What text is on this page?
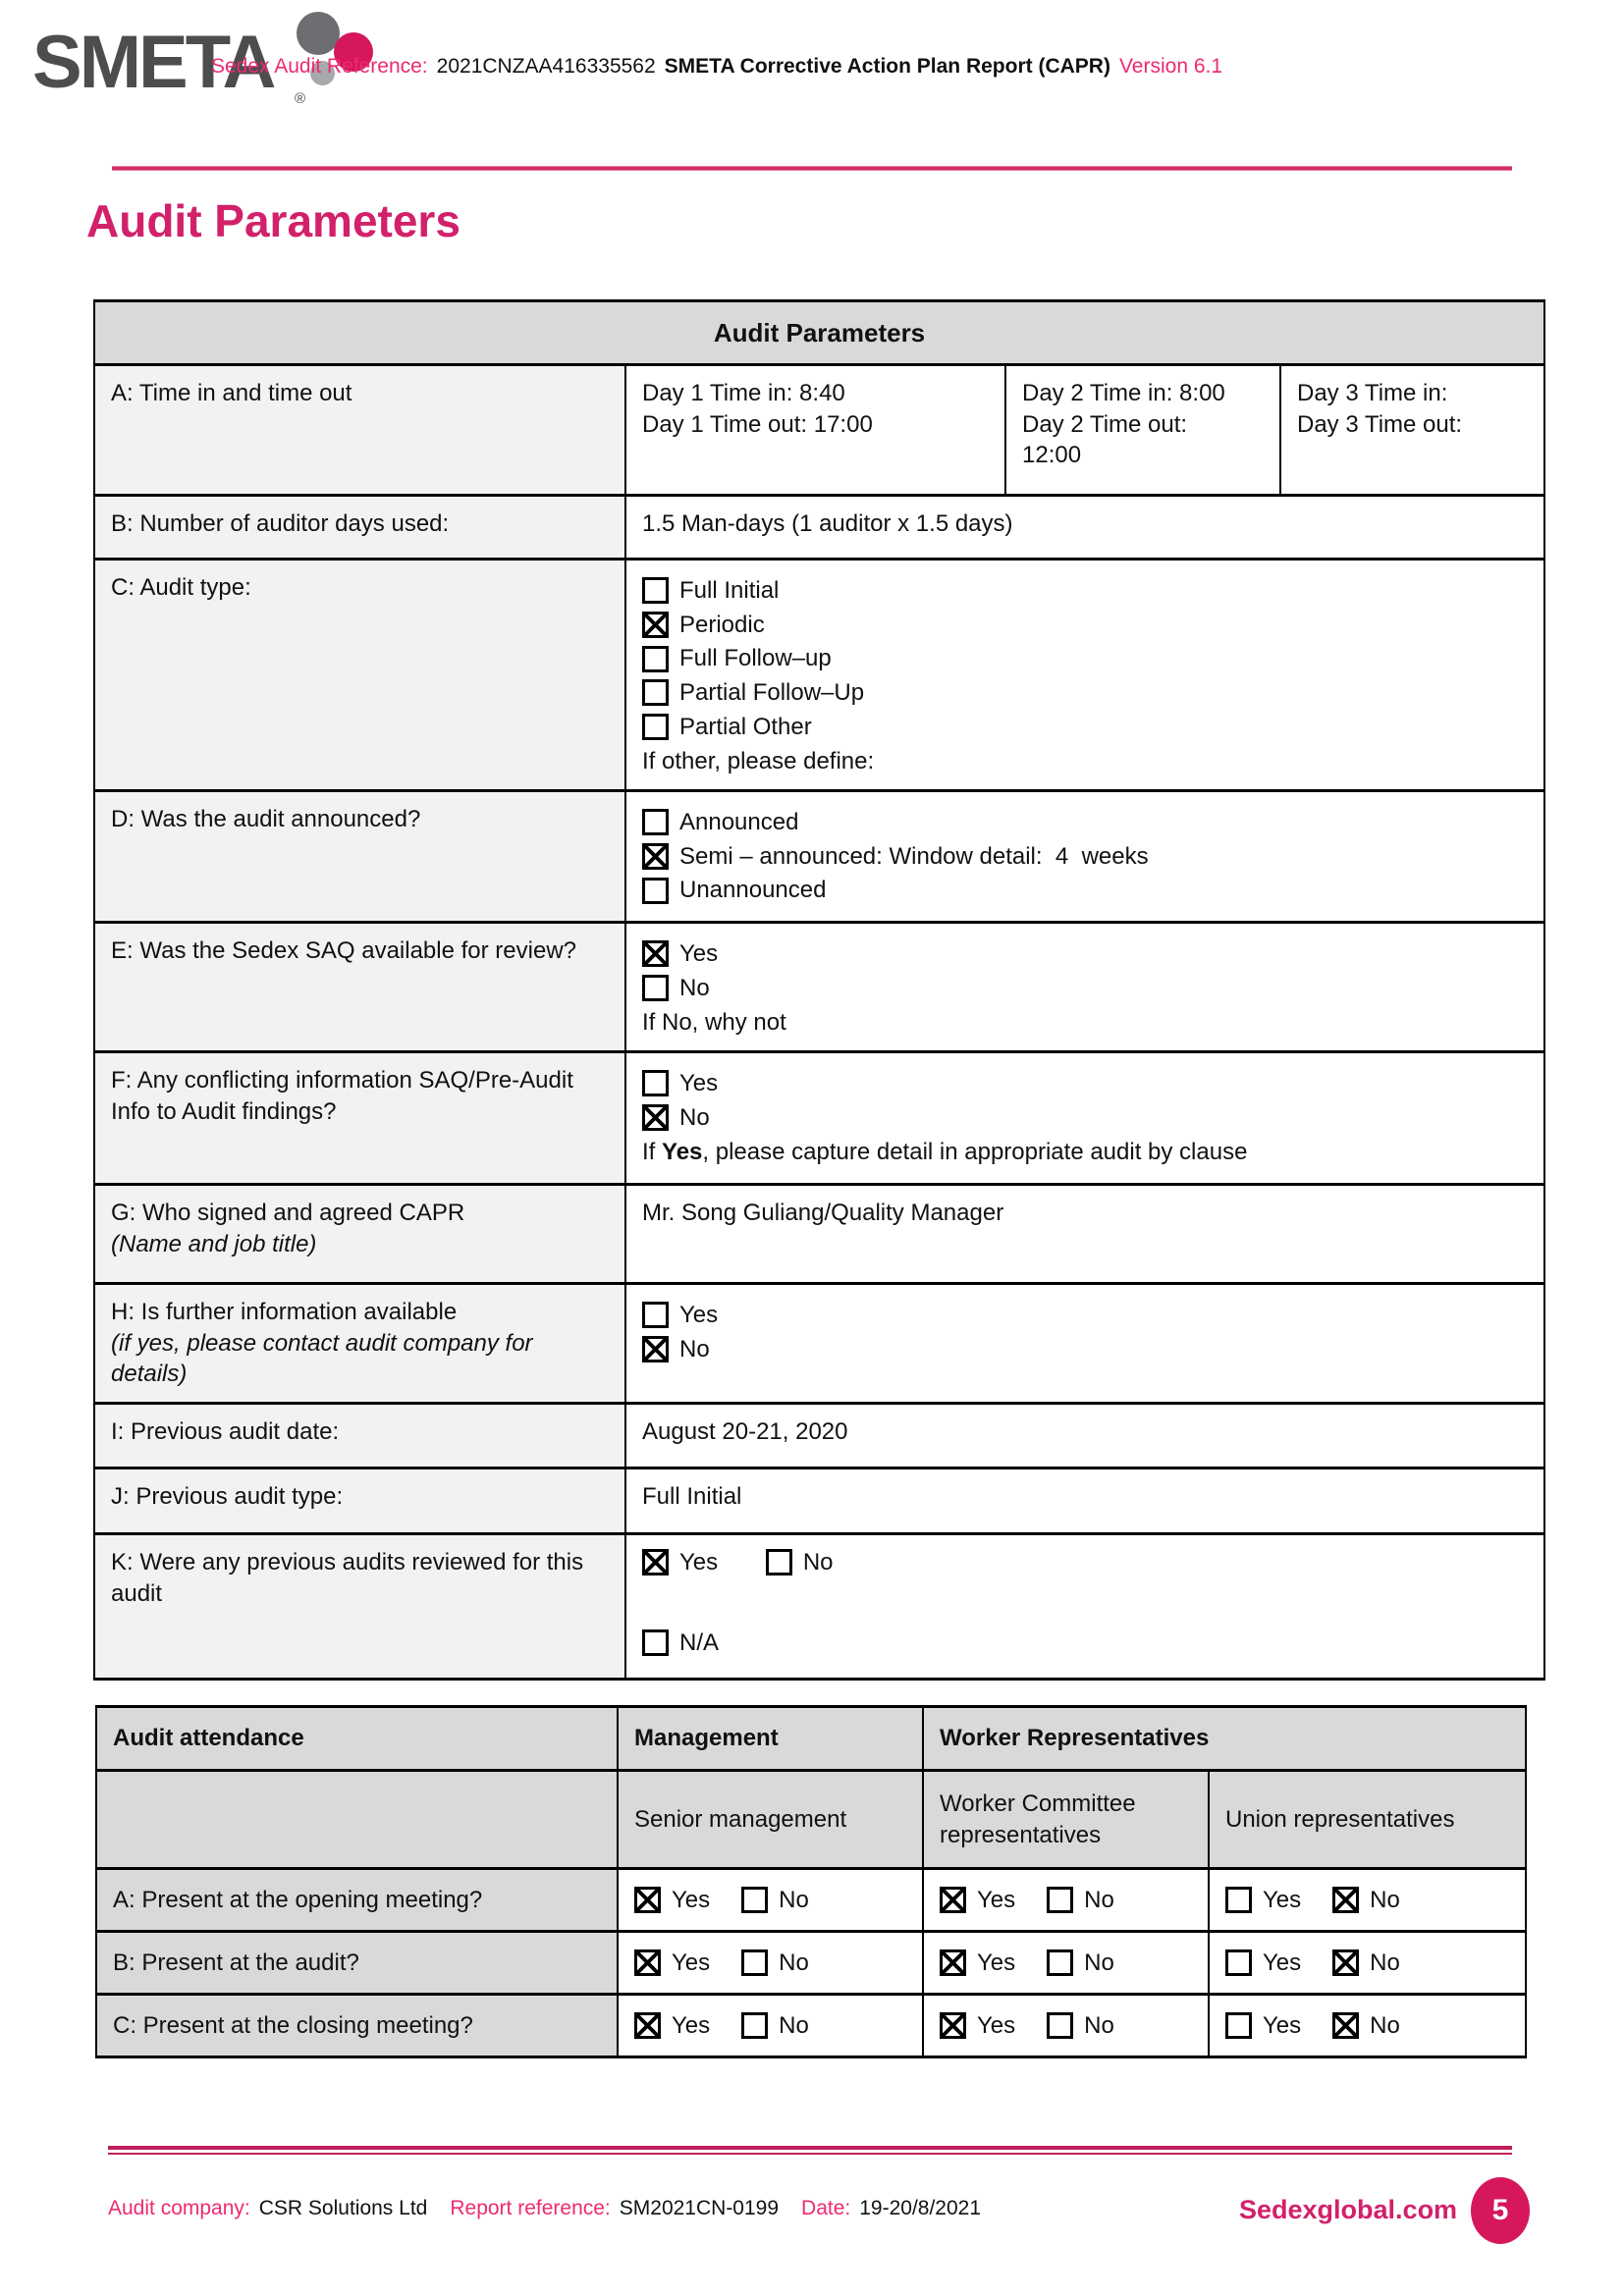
SMETA ®
Sedex Audit Reference: 2021CNZAA416335562 SMETA Corrective Action Plan Report (CAPR) Version 6.1
Audit Parameters
Audit Parameters			
A: Time in and time out	Day 1 Time in: 8:40
Day 1 Time out: 17:00

Day 2 Time in: 8:00
Day 2 Time out:
12:00

Day 3 Time in:
Day 3 Time out:

B: Number of auditor days used:	1.5 Man-days (1 auditor x 1.5 days)		
C: Audit type:	Full Initial
Periodic
Full Follow–up
Partial Follow–Up
Partial Other
If other, please define:

D: Was the audit announced?	Announced
Semi – announced: Window detail:  4  weeks
Unannounced		

E: Was the Sedex SAQ available for review?	Yes
No
If No, why not		

F: Any conflicting information SAQ/Pre-Audit Info to Audit findings?	Yes
No
If Yes, please capture detail in appropriate audit by clause		

G: Who signed and agreed CAPR
(Name and job title)	Mr. Song Guliang/Quality Manager		

H: Is further information available
(if yes, please contact audit company for details)

Yes
No

I: Previous audit date:	August 20-21, 2020		
J: Previous audit type:	Full Initial		
K: Were any previous audits reviewed for this audit	Yes
No
N/A		
Audit attendance	Management	Worker Representatives	
	Senior management	Worker Committee representatives	Union representatives
A: Present at the opening meeting?	Yes No	Yes No	Yes No

B: Present at the audit?	Yes No	Yes No	Yes No

C: Present at the closing meeting?	Yes No	Yes No	Yes No
Audit company: CSR Solutions Ltd Report reference: SM2021CN-0199 Date: 19-20/8/2021	Sedexglobal.com 5
